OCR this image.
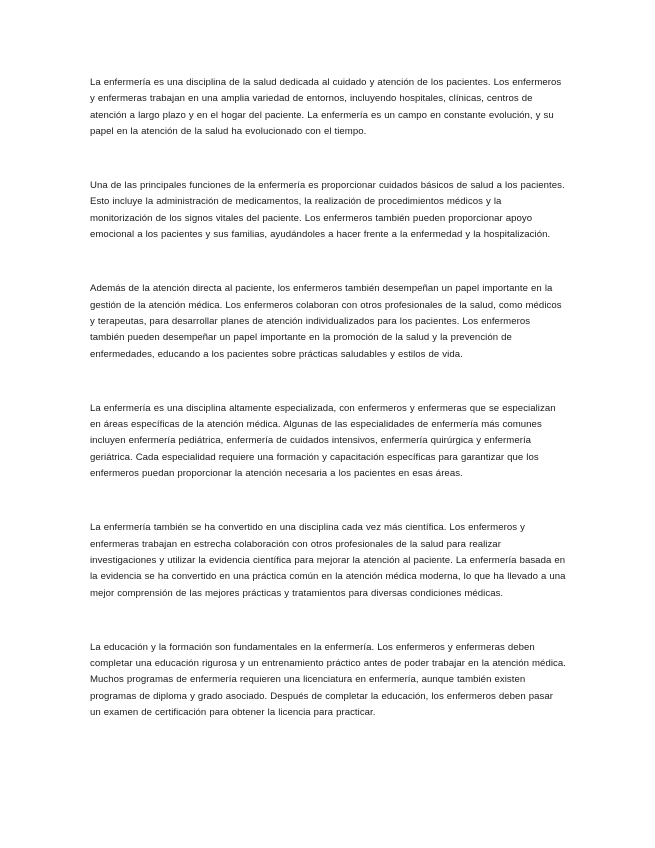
La enfermería es una disciplina de la salud dedicada al cuidado y atención de los pacientes. Los enfermeros y enfermeras trabajan en una amplia variedad de entornos, incluyendo hospitales, clínicas, centros de atención a largo plazo y en el hogar del paciente. La enfermería es un campo en constante evolución, y su papel en la atención de la salud ha evolucionado con el tiempo.

Una de las principales funciones de la enfermería es proporcionar cuidados básicos de salud a los pacientes. Esto incluye la administración de medicamentos, la realización de procedimientos médicos y la monitorización de los signos vitales del paciente. Los enfermeros también pueden proporcionar apoyo emocional a los pacientes y sus familias, ayudándoles a hacer frente a la enfermedad y la hospitalización.

Además de la atención directa al paciente, los enfermeros también desempeñan un papel importante en la gestión de la atención médica. Los enfermeros colaboran con otros profesionales de la salud, como médicos y terapeutas, para desarrollar planes de atención individualizados para los pacientes. Los enfermeros también pueden desempeñar un papel importante en la promoción de la salud y la prevención de enfermedades, educando a los pacientes sobre prácticas saludables y estilos de vida.

La enfermería es una disciplina altamente especializada, con enfermeros y enfermeras que se especializan en áreas específicas de la atención médica. Algunas de las especialidades de enfermería más comunes incluyen enfermería pediátrica, enfermería de cuidados intensivos, enfermería quirúrgica y enfermería geriátrica. Cada especialidad requiere una formación y capacitación específicas para garantizar que los enfermeros puedan proporcionar la atención necesaria a los pacientes en esas áreas.

La enfermería también se ha convertido en una disciplina cada vez más científica. Los enfermeros y enfermeras trabajan en estrecha colaboración con otros profesionales de la salud para realizar investigaciones y utilizar la evidencia científica para mejorar la atención al paciente. La enfermería basada en la evidencia se ha convertido en una práctica común en la atención médica moderna, lo que ha llevado a una mejor comprensión de las mejores prácticas y tratamientos para diversas condiciones médicas.

La educación y la formación son fundamentales en la enfermería. Los enfermeros y enfermeras deben completar una educación rigurosa y un entrenamiento práctico antes de poder trabajar en la atención médica. Muchos programas de enfermería requieren una licenciatura en enfermería, aunque también existen programas de diploma y grado asociado. Después de completar la educación, los enfermeros deben pasar un examen de certificación para obtener la licencia para practicar.
